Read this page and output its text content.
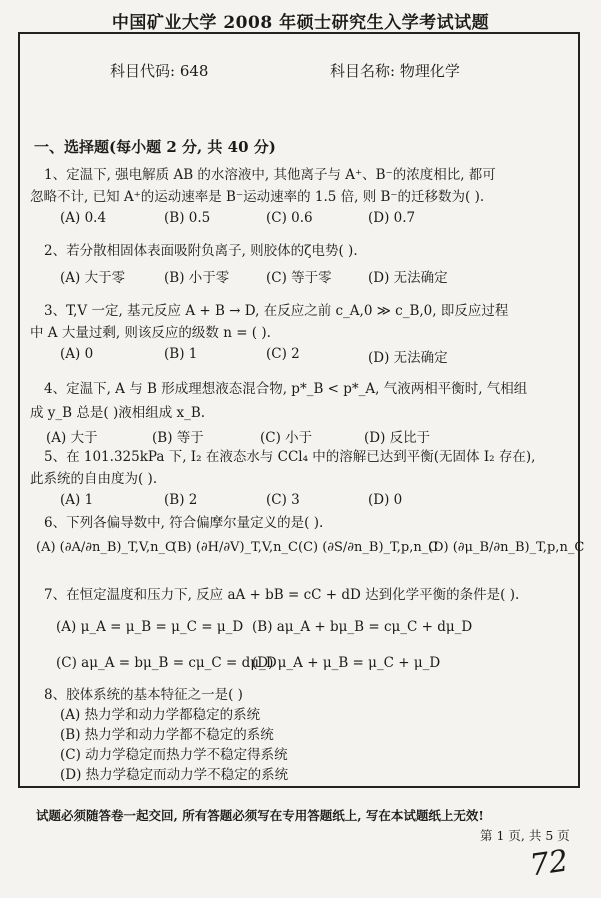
中国矿业大学 2008 年硕士研究生入学考试试题
科目代码: 648	科目名称: 物理化学
一、选择题(每小题 2 分, 共 40 分)
1、定温下, 强电解质 AB 的水溶液中, 其他离子与 A⁺、B⁻的浓度相比, 都可
忽略不计, 已知 A⁺的运动速率是 B⁻运动速率的 1.5 倍, 则 B⁻的迁移数为( ).
(A) 0.4	(B) 0.5	(C) 0.6	(D) 0.7
2、若分散相固体表面吸附负离子, 则胶体的ζ电势( ).
(A) 大于零	(B) 小于零	(C) 等于零	(D) 无法确定
3、T,V 一定, 基元反应 A + B → D, 在反应之前 c_A,0 ≫ c_B,0, 即反应过程
中 A 大量过剩, 则该反应的级数 n = ( ).
(A) 0	(B) 1	(C) 2	(D) 无法确定
4、定温下, A 与 B 形成理想液态混合物, p*_B < p*_A, 气液两相平衡时, 气相组
成 y_B 总是( )液相组成 x_B.
(A) 大于	(B) 等于	(C) 小于	(D) 反比于
5、在 101.325kPa 下, I₂ 在液态水与 CCl₄ 中的溶解已达到平衡(无固体 I₂ 存在),
此系统的自由度为( ).
(A) 1	(B) 2	(C) 3	(D) 0
6、下列各偏导数中, 符合偏摩尔量定义的是( ).
(A) (∂A/∂n_B)_T,V,n_C
(B) (∂H/∂V)_T,V,n_C (C) (∂S/∂n_B)_T,p,n_C
(D) (∂μ_B/∂n_B)_T,p,n_C
7、在恒定温度和压力下, 反应 aA + bB = cC + dD 达到化学平衡的条件是( ).
(A) μ_A = μ_B = μ_C = μ_D (B) aμ_A + bμ_B = cμ_C + dμ_D
(C) aμ_A = bμ_B = cμ_C = dμ_D
(D) μ_A + μ_B = μ_C + μ_D
8、胶体系统的基本特征之一是( )
(A) 热力学和动力学都稳定的系统
(B) 热力学和动力学都不稳定的系统
(C) 动力学稳定而热力学不稳定得系统
(D) 热力学稳定而动力学不稳定的系统
试题必须随答卷一起交回, 所有答题必须写在专用答题纸上, 写在本试题纸上无效!
第 1 页, 共 5 页
72
